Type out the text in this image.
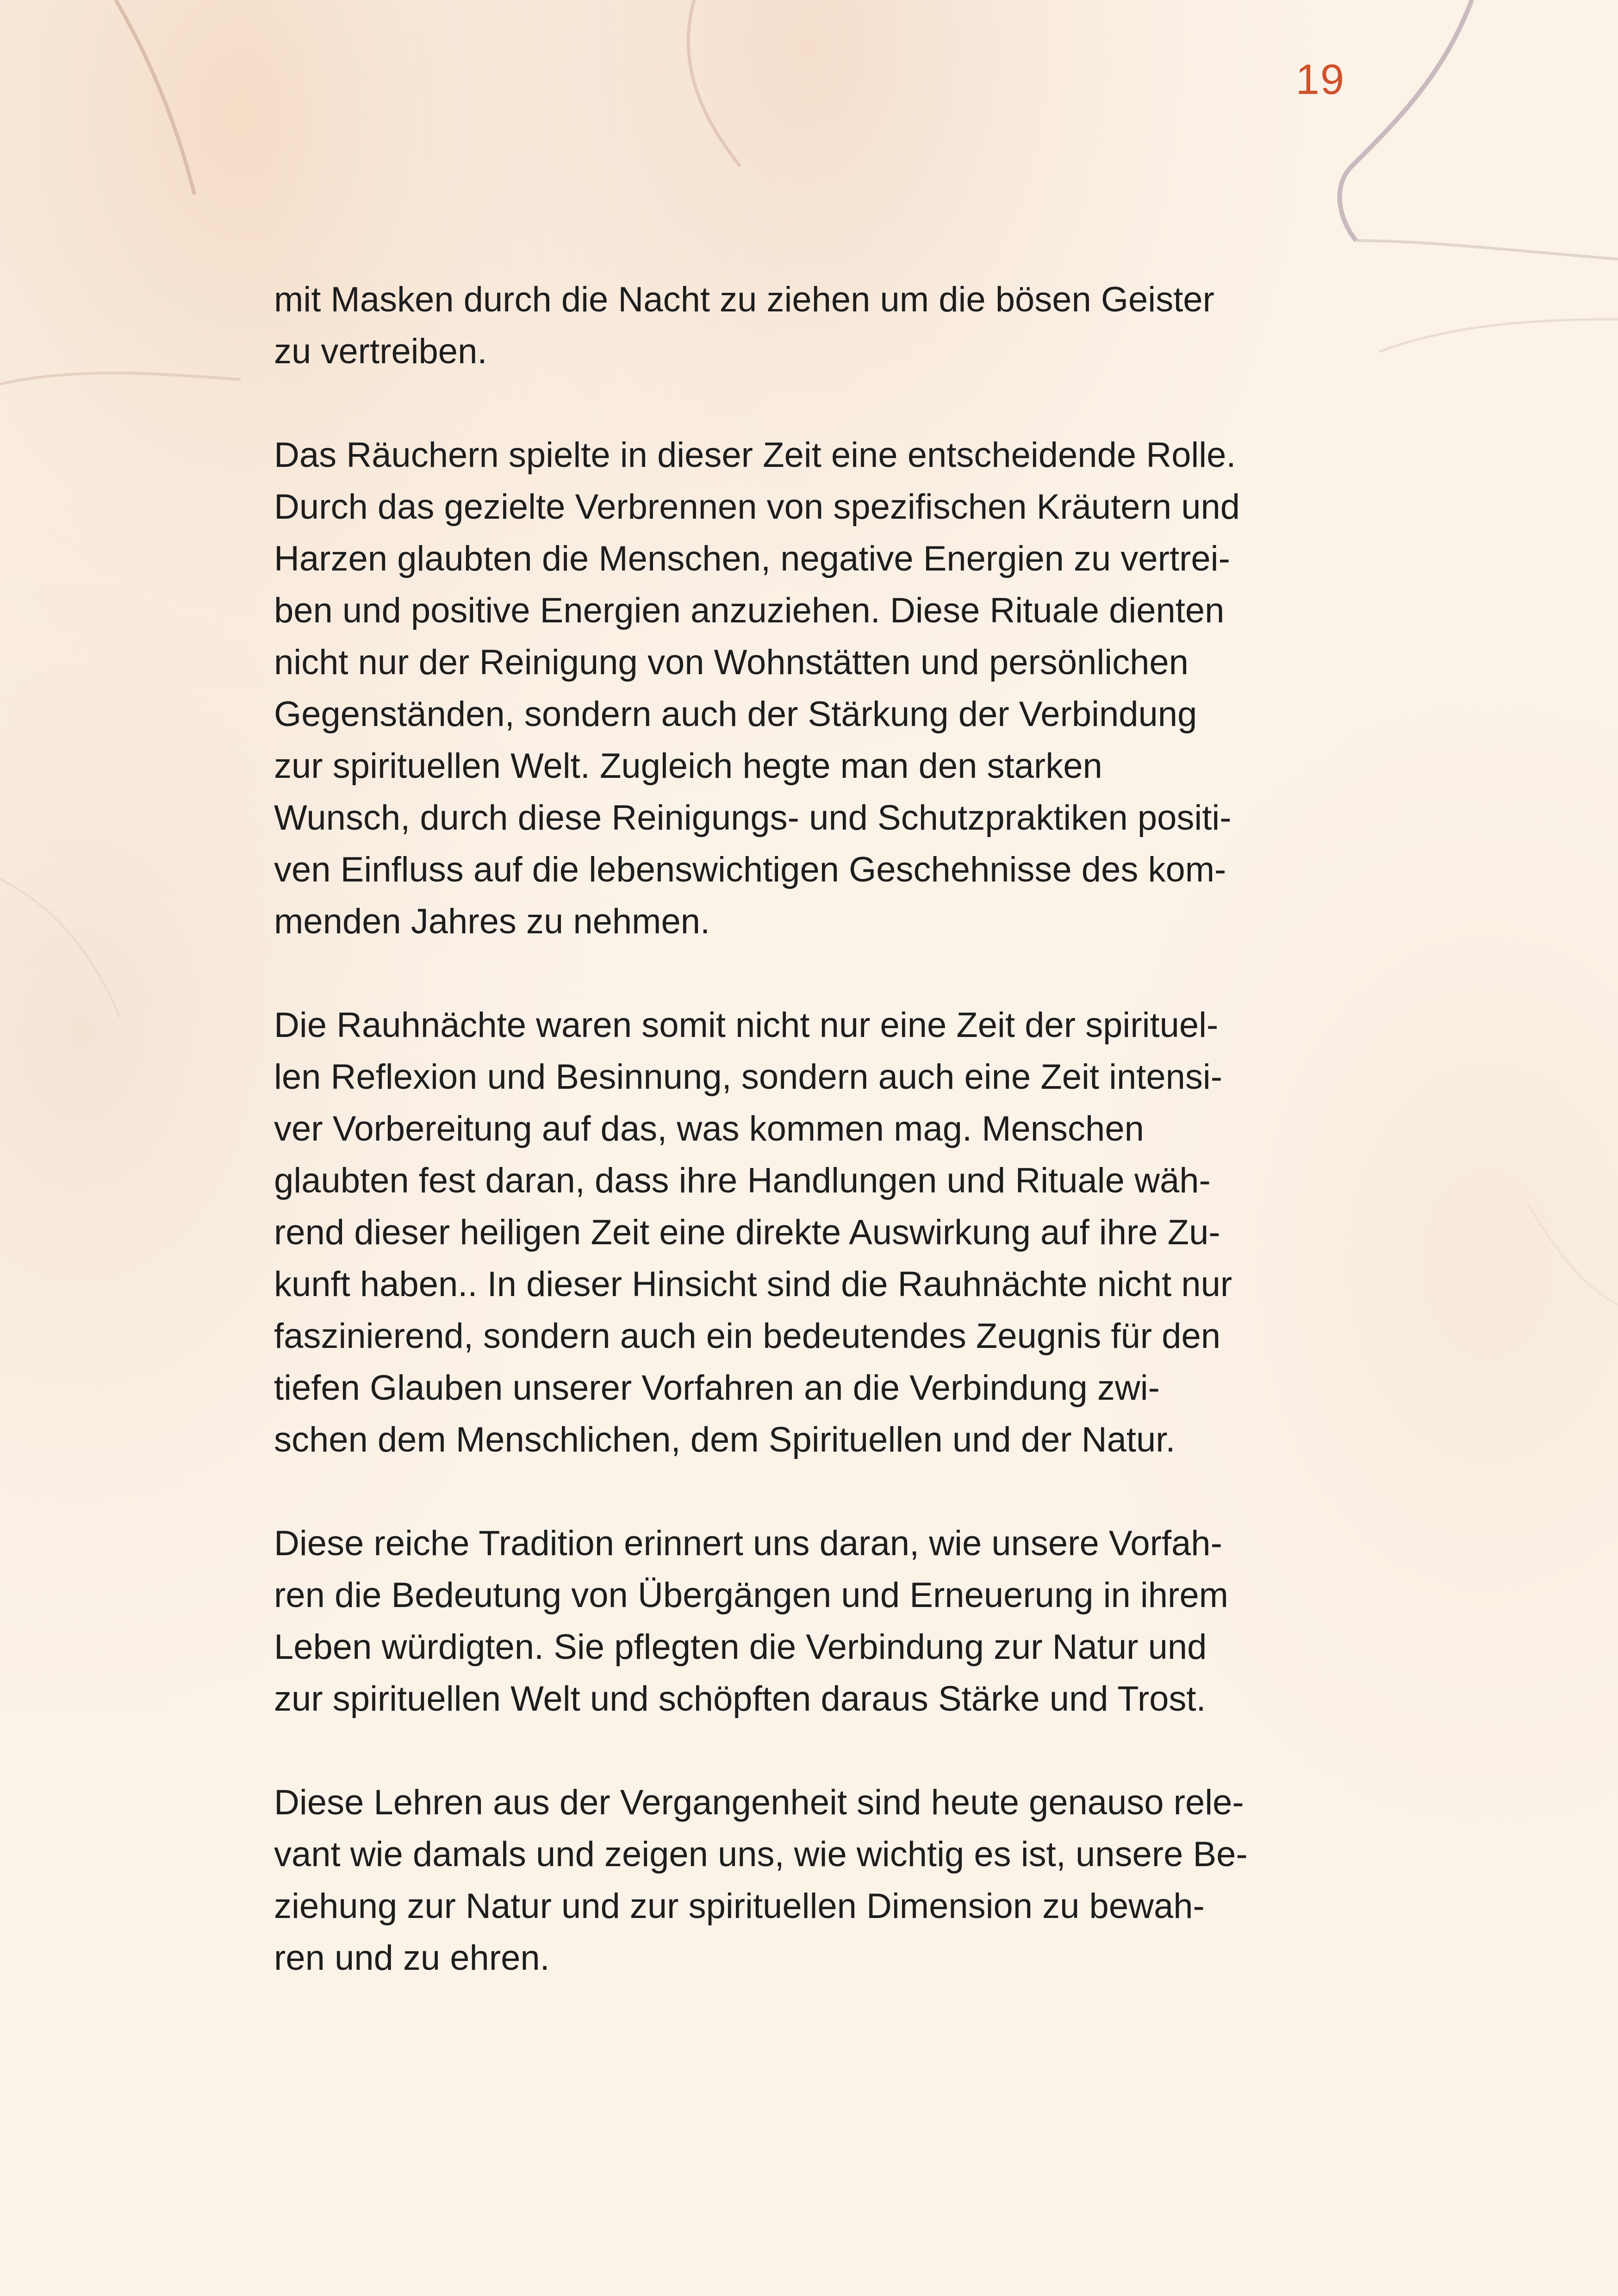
19
mit Masken durch die Nacht zu ziehen um die bösen Geister
zu vertreiben.
Das Räuchern spielte in dieser Zeit eine entscheidende Rolle.
Durch das gezielte Verbrennen von spezifischen Kräutern und
Harzen glaubten die Menschen, negative Energien zu vertrei-
ben und positive Energien anzuziehen. Diese Rituale dienten
nicht nur der Reinigung von Wohnstätten und persönlichen
Gegenständen, sondern auch der Stärkung der Verbindung
zur spirituellen Welt. Zugleich hegte man den starken
Wunsch, durch diese Reinigungs- und Schutzpraktiken positi-
ven Einfluss auf die lebenswichtigen Geschehnisse des kom-
menden Jahres zu nehmen.
Die Rauhnächte waren somit nicht nur eine Zeit der spirituel-
len Reflexion und Besinnung, sondern auch eine Zeit intensi-
ver Vorbereitung auf das, was kommen mag. Menschen
glaubten fest daran, dass ihre Handlungen und Rituale wäh-
rend dieser heiligen Zeit eine direkte Auswirkung auf ihre Zu-
kunft haben.. In dieser Hinsicht sind die Rauhnächte nicht nur
faszinierend, sondern auch ein bedeutendes Zeugnis für den
tiefen Glauben unserer Vorfahren an die Verbindung zwi-
schen dem Menschlichen, dem Spirituellen und der Natur.
Diese reiche Tradition erinnert uns daran, wie unsere Vorfah-
ren die Bedeutung von Übergängen und Erneuerung in ihrem
Leben würdigten. Sie pflegten die Verbindung zur Natur und
zur spirituellen Welt und schöpften daraus Stärke und Trost.
Diese Lehren aus der Vergangenheit sind heute genauso rele-
vant wie damals und zeigen uns, wie wichtig es ist, unsere Be-
ziehung zur Natur und zur spirituellen Dimension zu bewah-
ren und zu ehren.
